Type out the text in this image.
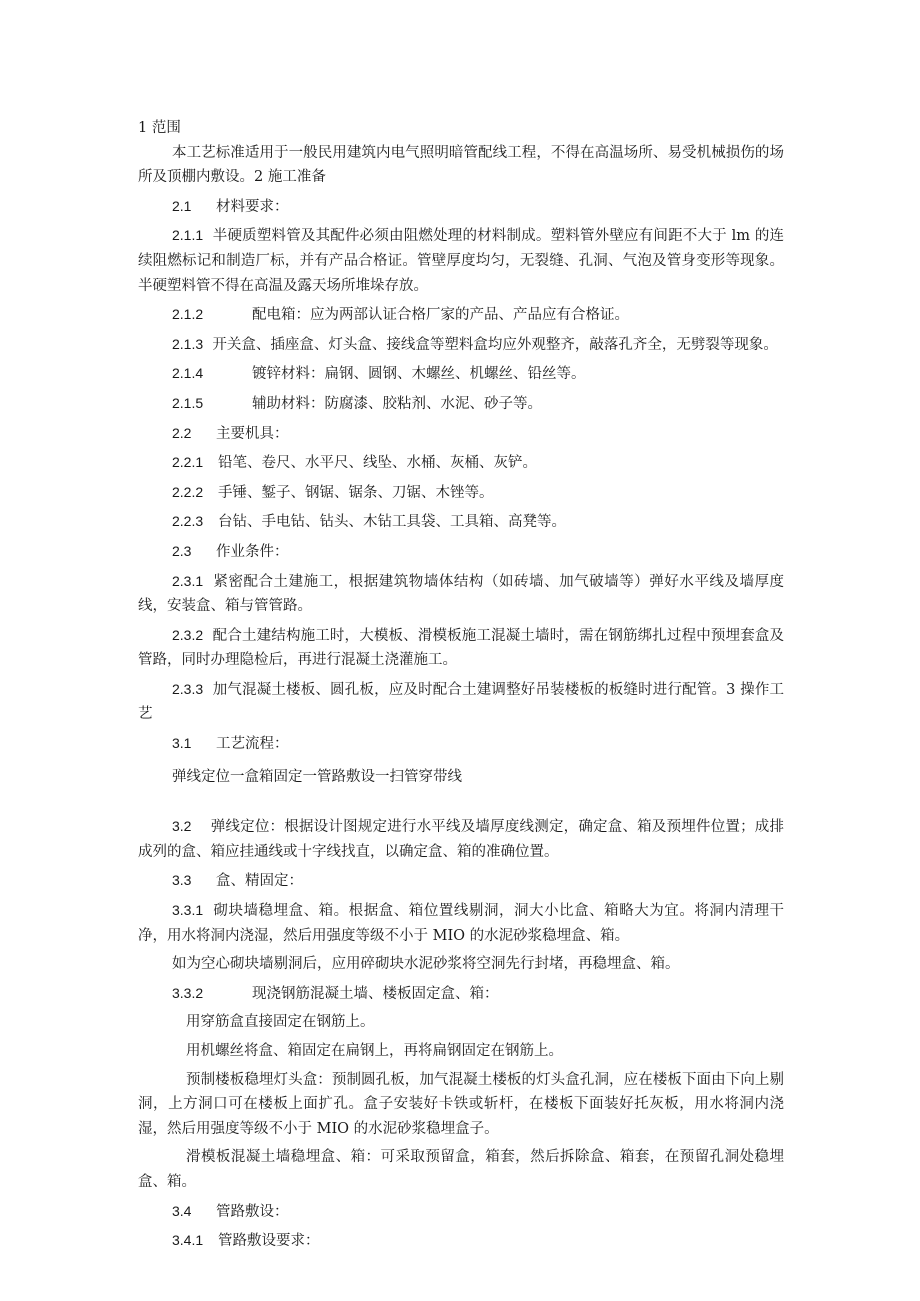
1 范围

本工艺标准适用于一般民用建筑内电气照明暗管配线工程，不得在高温场所、易受机械损伤的场所及顶棚内敷设。2 施工准备

2.1	材料要求：

2.1.1 半硬质塑料管及其配件必须由阻燃处理的材料制成。塑料管外壁应有间距不大于 lm 的连续阻燃标记和制造厂标，并有产品合格证。管壁厚度均匀，无裂缝、孔洞、气泡及管身变形等现象。半硬塑料管不得在高温及露天场所堆垛存放。

2.1.2	配电箱：应为两部认证合格厂家的产品、产品应有合格证。

2.1.3 开关盒、插座盒、灯头盒、接线盒等塑料盒均应外观整齐，敲落孔齐全，无劈裂等现象。

2.1.4	镀锌材料：扁钢、圆钢、木螺丝、机螺丝、铅丝等。
2.1.5	辅助材料：防腐漆、胶粘剂、水泥、砂子等。
2.2	主要机具：
2.2.1	铅笔、卷尺、水平尺、线坠、水桶、灰桶、灰铲。
2.2.2	手锤、錾子、钢锯、锯条、刀锯、木锉等。
2.2.3	台钻、手电钻、钻头、木钻工具袋、工具箱、高凳等。
2.3	作业条件：

2.3.1 紧密配合土建施工，根据建筑物墙体结构（如砖墙、加气破墙等）弹好水平线及墙厚度线，安装盒、箱与管管路。

2.3.2 配合土建结构施工时，大模板、滑模板施工混凝土墙时，需在钢筋绑扎过程中预埋套盒及管路，同时办理隐检后，再进行混凝土浇灌施工。

2.3.3 加气混凝土楼板、圆孔板，应及时配合土建调整好吊装楼板的板缝时进行配管。3 操作工艺

3.1	工艺流程：

弹线定位一盒箱固定一管路敷设一扫管穿带线

3.2 弹线定位：根据设计图规定进行水平线及墙厚度线测定，确定盒、箱及预埋件位置；成排成列的盒、箱应挂通线或十字线找直，以确定盒、箱的准确位置。

3.3	盒、精固定：

3.3.1 砌块墙稳埋盒、箱。根据盒、箱位置线剔洞，洞大小比盒、箱略大为宜。将洞内清理干净，用水将洞内浇湿，然后用强度等级不小于 MIO 的水泥砂浆稳埋盒、箱。

如为空心砌块墙剔洞后，应用碎砌块水泥砂浆将空洞先行封堵，再稳埋盒、箱。

3.3.2	现浇钢筋混凝土墙、楼板固定盒、箱：

用穿筋盒直接固定在钢筋上。

用机螺丝将盒、箱固定在扁钢上，再将扁钢固定在钢筋上。

预制楼板稳埋灯头盒：预制圆孔板，加气混凝土楼板的灯头盒孔洞，应在楼板下面由下向上剔洞，上方洞口可在楼板上面扩孔。盒子安装好卡铁或斩杆，在楼板下面装好托灰板，用水将洞内浇湿，然后用强度等级不小于 MIO 的水泥砂浆稳埋盒子。

滑模板混凝土墙稳埋盒、箱：可采取预留盒，箱套，然后拆除盒、箱套，在预留孔洞处稳埋盒、箱。

3.4	管路敷设：
3.4.1	管路敷设要求：
